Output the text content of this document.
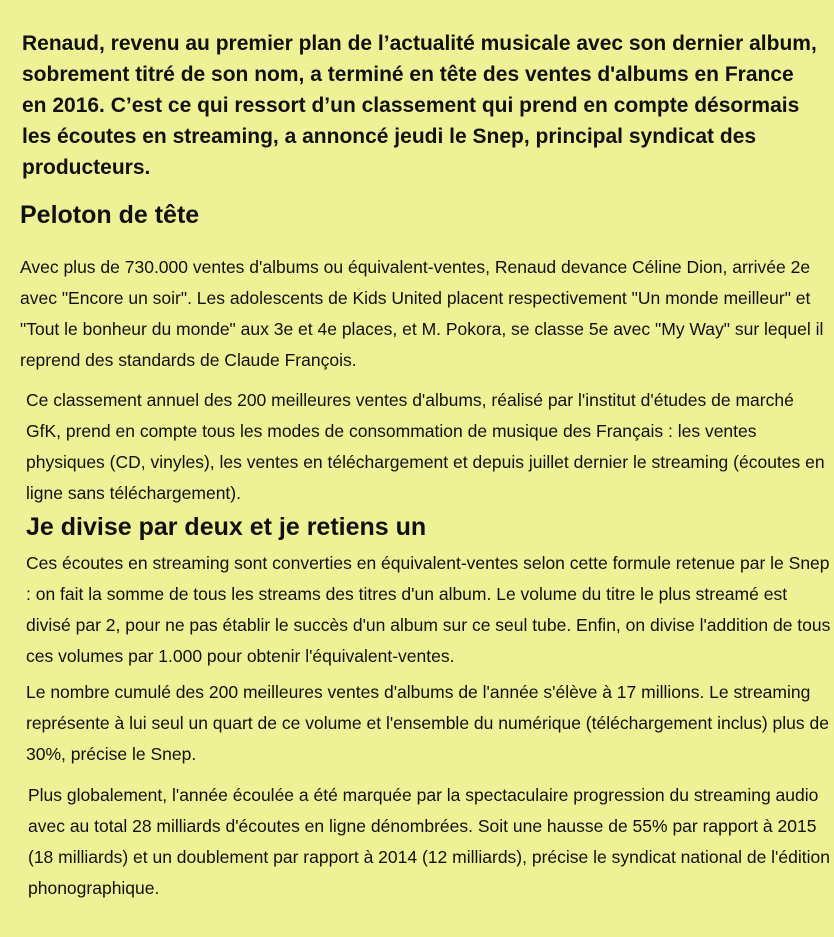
Renaud, revenu au premier plan de l’actualité musicale avec son dernier album, sobrement titré de son nom, a terminé en tête des ventes d'albums en France en 2016. C’est ce qui ressort d’un classement qui prend en compte désormais les écoutes en streaming, a annoncé jeudi le Snep, principal syndicat des producteurs.

Peloton de tête

Avec plus de 730.000 ventes d'albums ou équivalent-ventes, Renaud devance Céline Dion, arrivée 2e avec "Encore un soir". Les adolescents de Kids United placent respectivement "Un monde meilleur" et "Tout le bonheur du monde" aux 3e et 4e places, et M. Pokora, se classe 5e avec "My Way" sur lequel il reprend des standards de Claude François.

Ce classement annuel des 200 meilleures ventes d'albums, réalisé par l'institut d'études de marché GfK, prend en compte tous les modes de consommation de musique des Français : les ventes physiques (CD, vinyles), les ventes en téléchargement et depuis juillet dernier le streaming (écoutes en ligne sans téléchargement).

Je divise par deux et je retiens un

Ces écoutes en streaming sont converties en équivalent-ventes selon cette formule retenue par le Snep : on fait la somme de tous les streams des titres d'un album. Le volume du titre le plus streamé est divisé par 2, pour ne pas établir le succès d'un album sur ce seul tube. Enfin, on divise l'addition de tous ces volumes par 1.000 pour obtenir l'équivalent-ventes.

Le nombre cumulé des 200 meilleures ventes d'albums de l'année s'élève à 17 millions. Le streaming représente à lui seul un quart de ce volume et l'ensemble du numérique (téléchargement inclus) plus de 30%, précise le Snep.

Plus globalement, l'année écoulée a été marquée par la spectaculaire progression du streaming audio avec au total 28 milliards d'écoutes en ligne dénombrées. Soit une hausse de 55% par rapport à 2015 (18 milliards) et un doublement par rapport à 2014 (12 milliards), précise le syndicat national de l'édition phonographique.
